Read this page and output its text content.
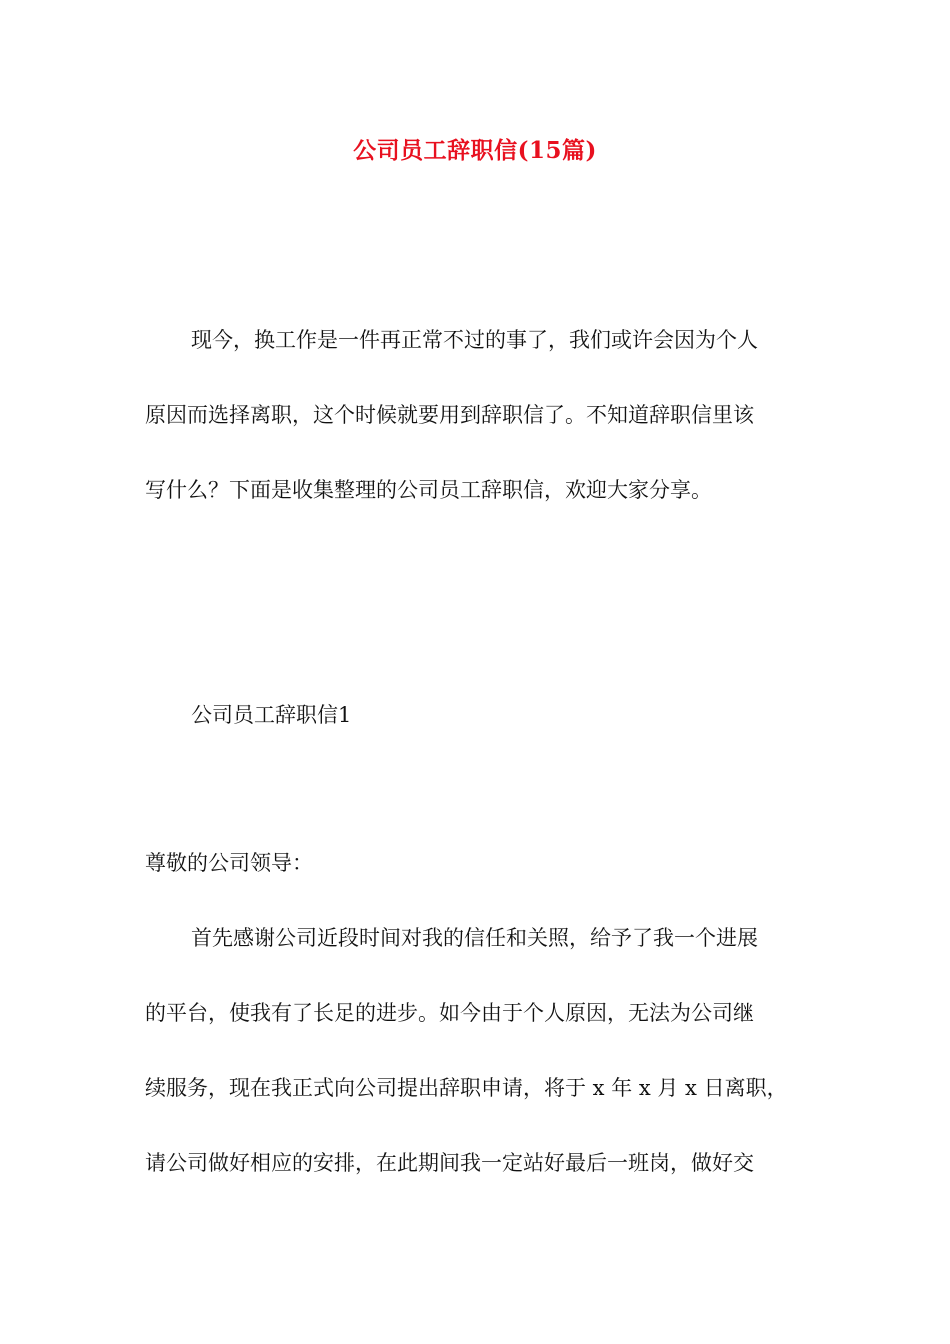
公司员工辞职信(15篇)
现今，换工作是一件再正常不过的事了，我们或许会因为个人
原因而选择离职，这个时候就要用到辞职信了。不知道辞职信里该
写什么？下面是收集整理的公司员工辞职信，欢迎大家分享。
公司员工辞职信1
尊敬的公司领导：
首先感谢公司近段时间对我的信任和关照，给予了我一个进展
的平台，使我有了长足的进步。如今由于个人原因，无法为公司继
续服务，现在我正式向公司提出辞职申请，将于 x 年 x 月 x 日离职，
请公司做好相应的安排，在此期间我一定站好最后一班岗，做好交
